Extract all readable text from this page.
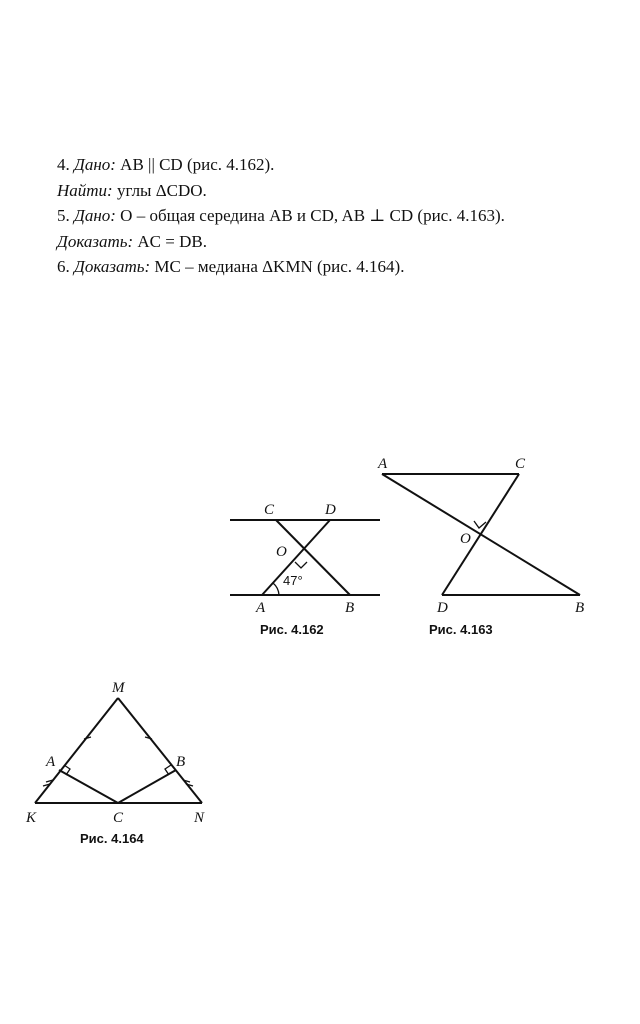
4. Дано: AB || CD (рис. 4.162).
Найти: углы ΔCDO.
5. Дано: O – общая середина AB и CD, AB ⊥ CD (рис. 4.163).
Доказать: AC = DB.
6. Доказать: MC – медиана ΔKMN (рис. 4.164).
C	D
O
47°
A	B
Рис. 4.162
A	C
O
D	B
Рис. 4.163
M
A	B
K	C	N
Рис. 4.164
